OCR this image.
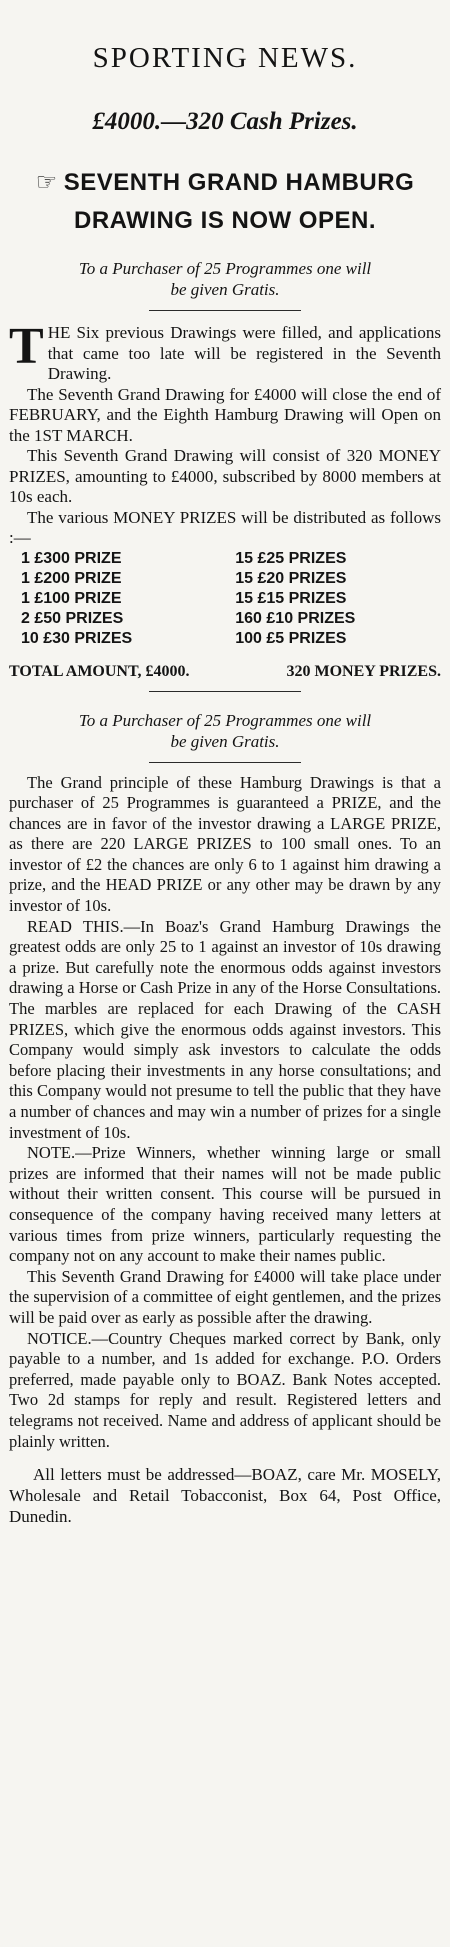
SPORTING NEWS.
£4000.—320 Cash Prizes.
☞ SEVENTH GRAND HAMBURG
DRAWING IS NOW OPEN.
To a Purchaser of 25 Programmes one will
be given Gratis.

THE Six previous Drawings were filled, and applications that came too late will be registered in the Seventh Drawing.

The Seventh Grand Drawing for £4000 will close the end of FEBRUARY, and the Eighth Hamburg Drawing will Open on the 1ST MARCH.

This Seventh Grand Drawing will consist of 320 MONEY PRIZES, amounting to £4000, subscribed by 8000 members at 10s each.

The various MONEY PRIZES will be distributed as follows :—

1 £300 PRIZE
1 £200 PRIZE
1 £100 PRIZE
2 £50 PRIZES
10 £30 PRIZES
15 £25 PRIZES
15 £20 PRIZES
15 £15 PRIZES
160 £10 PRIZES
100 £5 PRIZES
TOTAL AMOUNT, £4000.	320 MONEY PRIZES.
To a Purchaser of 25 Programmes one will
be given Gratis.

The Grand principle of these Hamburg Drawings is that a purchaser of 25 Programmes is guaranteed a PRIZE, and the chances are in favor of the investor drawing a LARGE PRIZE, as there are 220 LARGE PRIZES to 100 small ones. To an investor of £2 the chances are only 6 to 1 against him drawing a prize, and the HEAD PRIZE or any other may be drawn by any investor of 10s.

READ THIS.—In Boaz's Grand Hamburg Drawings the greatest odds are only 25 to 1 against an investor of 10s drawing a prize. But carefully note the enormous odds against investors drawing a Horse or Cash Prize in any of the Horse Consultations. The marbles are replaced for each Drawing of the CASH PRIZES, which give the enormous odds against investors. This Company would simply ask investors to calculate the odds before placing their investments in any horse consultations; and this Company would not presume to tell the public that they have a number of chances and may win a number of prizes for a single investment of 10s.

NOTE.—Prize Winners, whether winning large or small prizes are informed that their names will not be made public without their written consent. This course will be pursued in consequence of the company having received many letters at various times from prize winners, particularly requesting the company not on any account to make their names public.

This Seventh Grand Drawing for £4000 will take place under the supervision of a committee of eight gentlemen, and the prizes will be paid over as early as possible after the drawing.

NOTICE.—Country Cheques marked correct by Bank, only payable to a number, and 1s added for exchange. P.O. Orders preferred, made payable only to BOAZ. Bank Notes accepted. Two 2d stamps for reply and result. Registered letters and telegrams not received. Name and address of applicant should be plainly written.

All letters must be addressed—BOAZ, care Mr. MOSELY, Wholesale and Retail Tobacconist, Box 64, Post Office, Dunedin.
